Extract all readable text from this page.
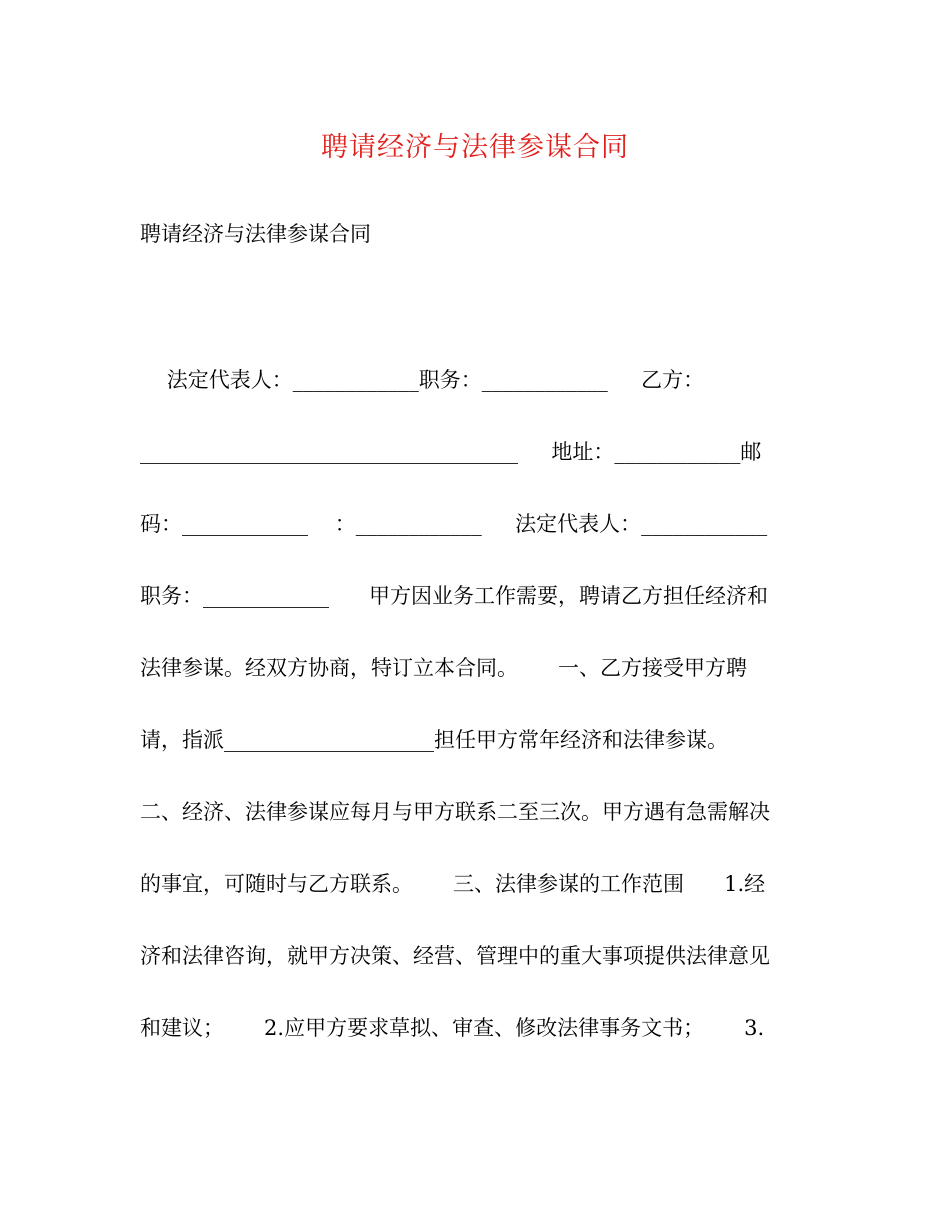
聘请经济与法律参谋合同
聘请经济与法律参谋合同
法定代表人：____________职务：____________     乙方：
____________________________________     地址：____________邮
码：____________    ：____________     法定代表人：____________
职务：____________      甲方因业务工作需要，聘请乙方担任经济和
法律参谋。经双方协商，特订立本合同。      一、乙方接受甲方聘
请，指派____________________担任甲方常年经济和法律参谋。
二、经济、法律参谋应每月与甲方联系二至三次。甲方遇有急需解决
的事宜，可随时与乙方联系。      三、法律参谋的工作范围      1.经
济和法律咨询，就甲方决策、经营、管理中的重大事项提供法律意见
和建议；      2.应甲方要求草拟、审查、修改法律事务文书；      3.
